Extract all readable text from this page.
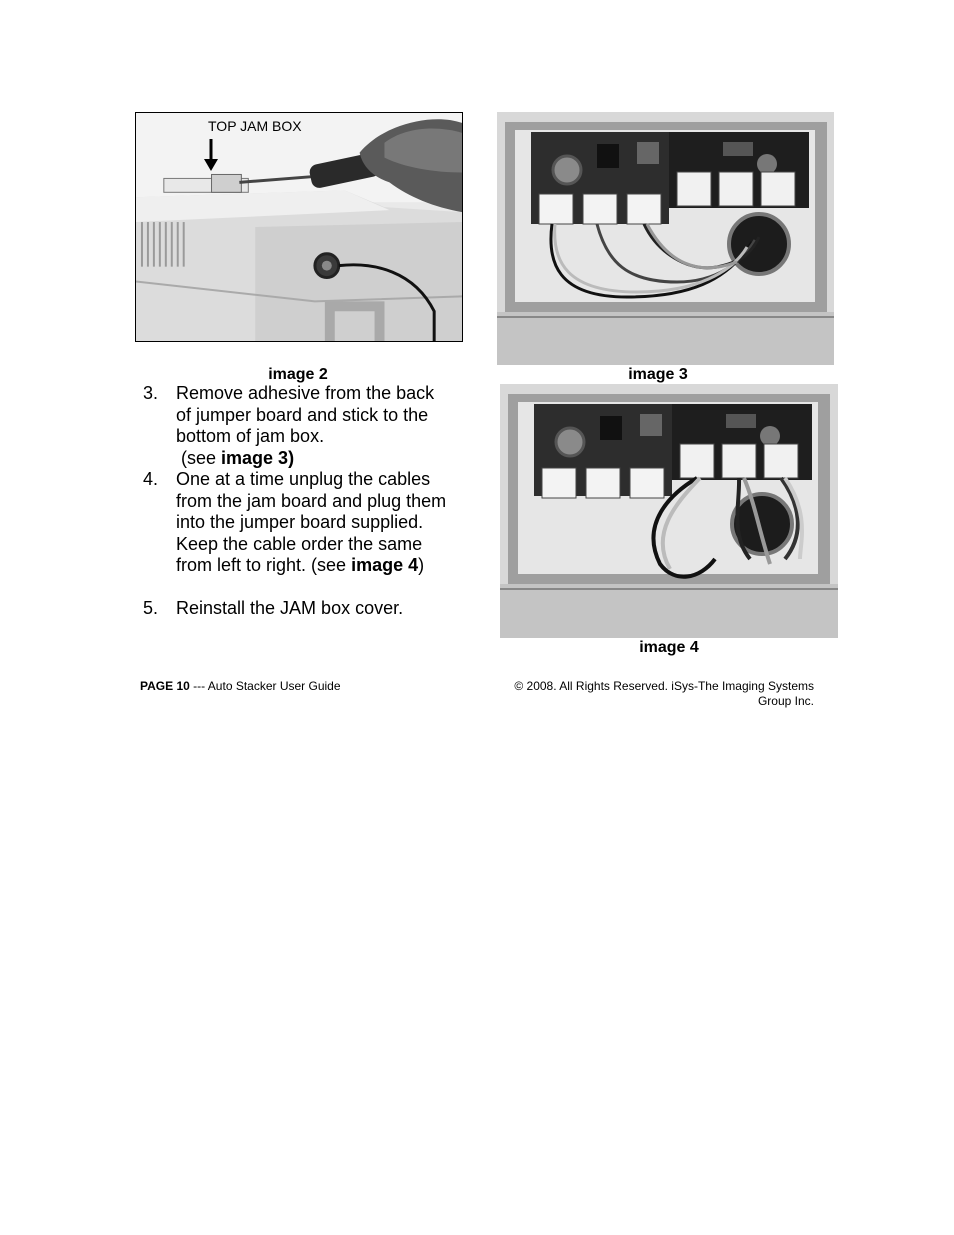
TOP JAM BOX
image 2	image 3
image 4
3. Remove adhesive from the back
of jumper board and stick to the
bottom of jam box.
(see image 3)
4. One at a time unplug the cables from the jam board and plug them into the jumper board supplied. Keep the cable order the same from left to right. (see image 4)
5. Reinstall the JAM box cover.
PAGE 10 --- Auto Stacker User Guide	© 2008. All Rights Reserved. iSys-The Imaging Systems
Group Inc.
